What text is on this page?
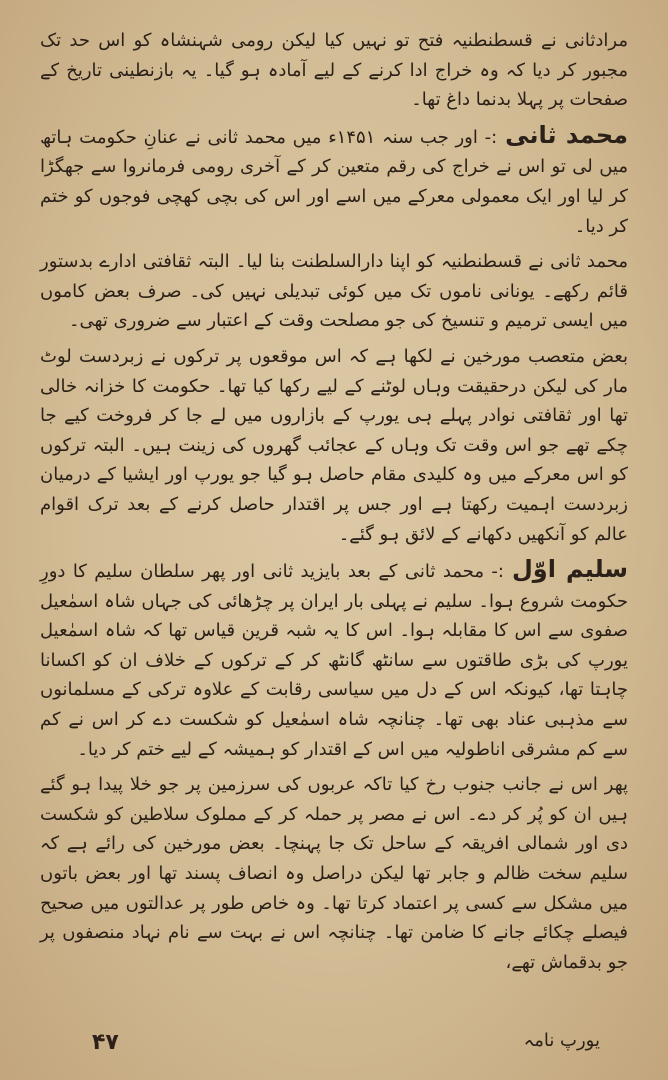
مرادثانی نے قسطنطنیہ فتح تو نہیں کیا لیکن رومی شہنشاہ کو اس حد تک مجبور کر دیا کہ وہ خراج ادا کرنے کے لیے آمادہ ہو گیا۔ یہ بازنطینی تاریخ کے صفحات پر پہلا بدنما داغ تھا۔

محمد ثانی:- اور جب سنہ ۱۴۵۱ء میں محمد ثانی نے عنانِ حکومت ہاتھ میں لی تو اس نے خراج کی رقم متعین کر کے آخری رومی فرمانروا سے جھگڑا کر لیا اور ایک معمولی معرکے میں اسے اور اس کی بچی کھچی فوجوں کو ختم کر دیا۔

محمد ثانی نے قسطنطنیہ کو اپنا دارالسلطنت بنا لیا۔ البتہ ثقافتی ادارے بدستور قائم رکھے۔ یونانی ناموں تک میں کوئی تبدیلی نہیں کی۔ صرف بعض کاموں میں ایسی ترمیم و تنسیخ کی جو مصلحت وقت کے اعتبار سے ضروری تھی۔

بعض متعصب مورخین نے لکھا ہے کہ اس موقعوں پر ترکوں نے زبردست لوٹ مار کی لیکن درحقیقت وہاں لوٹنے کے لیے رکھا کیا تھا۔ حکومت کا خزانہ خالی تھا اور ثقافتی نوادر پہلے ہی یورپ کے بازاروں میں لے جا کر فروخت کیے جا چکے تھے جو اس وقت تک وہاں کے عجائب گھروں کی زینت ہیں۔ البتہ ترکوں کو اس معرکے میں وہ کلیدی مقام حاصل ہو گیا جو یورپ اور ایشیا کے درمیان زبردست اہمیت رکھتا ہے اور جس پر اقتدار حاصل کرنے کے بعد ترک اقوام عالم کو آنکھیں دکھانے کے لائق ہو گئے۔

سلیم اوّل:- محمد ثانی کے بعد بایزید ثانی اور پھر سلطان سلیم کا دورِ حکومت شروع ہوا۔ سلیم نے پہلی بار ایران پر چڑھائی کی جہاں شاہ اسمٰعیل صفوی سے اس کا مقابلہ ہوا۔ اس کا یہ شبہ قرین قیاس تھا کہ شاہ اسمٰعیل یورپ کی بڑی طاقتوں سے سانٹھ گانٹھ کر کے ترکوں کے خلاف ان کو اکسانا چاہتا تھا، کیونکہ اس کے دل میں سیاسی رقابت کے علاوہ ترکی کے مسلمانوں سے مذہبی عناد بھی تھا۔ چنانچہ شاہ اسمٰعیل کو شکست دے کر اس نے کم سے کم مشرقی اناطولیہ میں اس کے اقتدار کو ہمیشہ کے لیے ختم کر دیا۔

پھر اس نے جانب جنوب رخ کیا تاکہ عربوں کی سرزمین پر جو خلا پیدا ہو گئے ہیں ان کو پُر کر دے۔ اس نے مصر پر حملہ کر کے مملوک سلاطین کو شکست دی اور شمالی افریقہ کے ساحل تک جا پہنچا۔ بعض مورخین کی رائے ہے کہ سلیم سخت ظالم و جابر تھا لیکن دراصل وہ انصاف پسند تھا اور بعض باتوں میں مشکل سے کسی پر اعتماد کرتا تھا۔ وہ خاص طور پر عدالتوں میں صحیح فیصلے چکائے جانے کا ضامن تھا۔ چنانچہ اس نے بہت سے نام نہاد منصفوں پر جو بدقماش تھے،

۴۷	یورپ نامہ
